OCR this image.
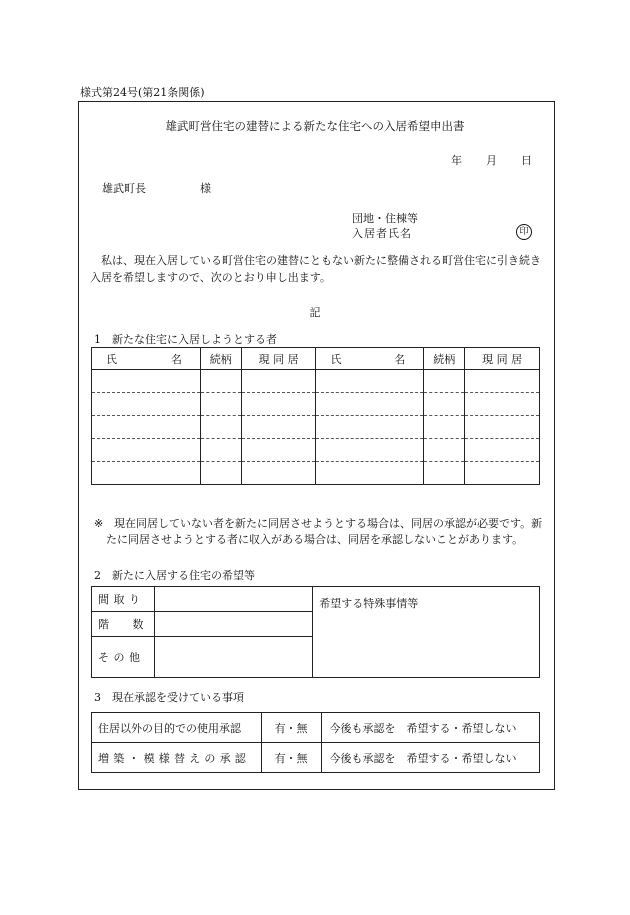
様式第24号(第21条関係)
雄武町営住宅の建替による新たな住宅への入居希望申出書
年 月 日
雄武町長	様
団地・住棟等
入居者氏名	印
私は、現在入居している町営住宅の建替にともない新たに整備される町営住宅に引き続き入居を希望しますので、次のとおり申し出ます。
記
1　新たな住宅に入居しようとする者
氏 名	続柄	現 同 居	氏 名	続柄	現 同 居

※ 現在同居していない者を新たに同居させようとする場合は、同居の承認が必要です。新たに同居させようとする者に収入がある場合は、同居を承認しないことがあります。
2　新たに入居する住宅の希望等
間 取 り		希望する特殊事情等
階　　数		
そ の 他		
3　現在承認を受けている事項
住居以外の目的での使用承認	有・無	今後も承認を　希望する・希望しない
増築・模様替えの承認	有・無	今後も承認を　希望する・希望しない
